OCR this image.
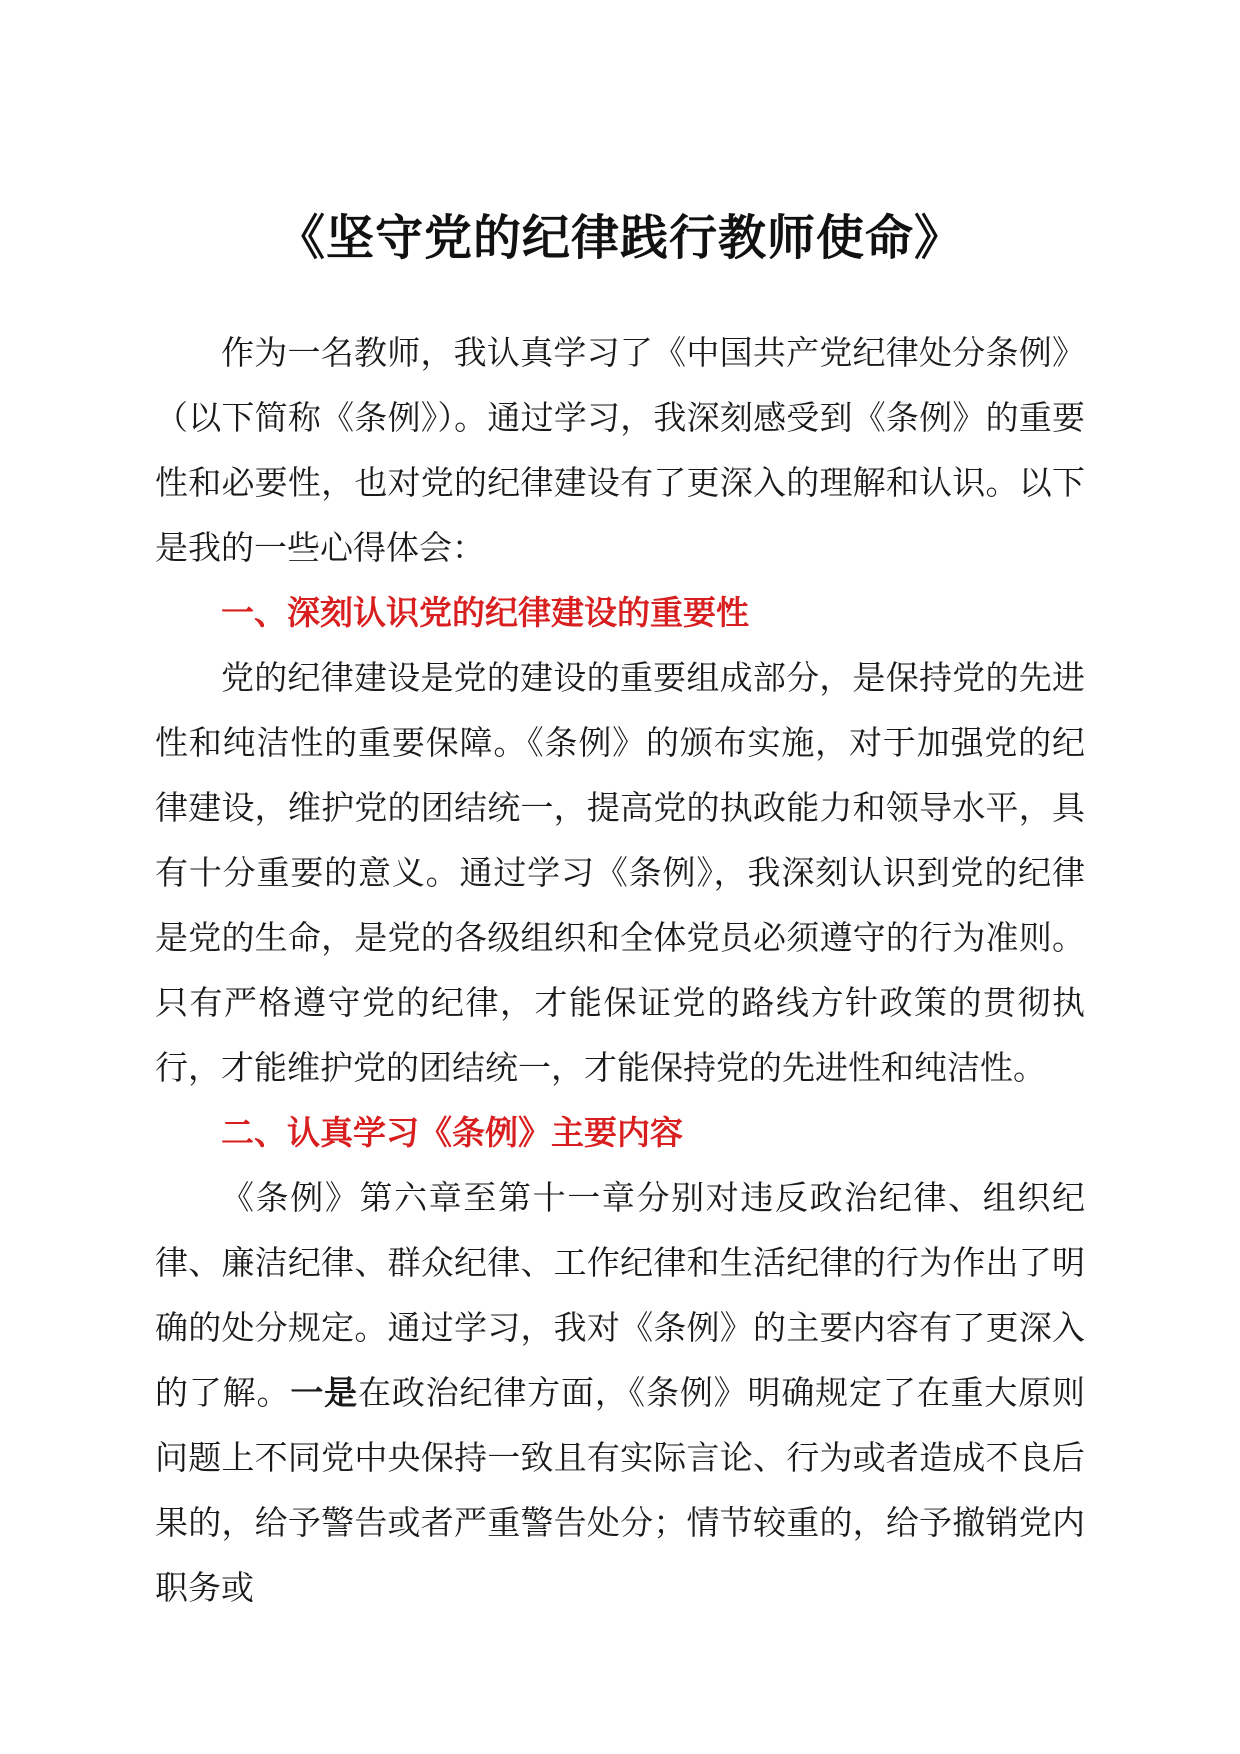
《坚守党的纪律践行教师使命》

作为一名教师，我认真学习了《中国共产党纪律处分条例》（以下简称《条例》）。通过学习，我深刻感受到《条例》的重要性和必要性，也对党的纪律建设有了更深入的理解和认识。以下是我的一些心得体会：

一、深刻认识党的纪律建设的重要性

党的纪律建设是党的建设的重要组成部分，是保持党的先进性和纯洁性的重要保障。《条例》的颁布实施，对于加强党的纪律建设，维护党的团结统一，提高党的执政能力和领导水平，具有十分重要的意义。通过学习《条例》，我深刻认识到党的纪律是党的生命，是党的各级组织和全体党员必须遵守的行为准则。只有严格遵守党的纪律，才能保证党的路线方针政策的贯彻执行，才能维护党的团结统一，才能保持党的先进性和纯洁性。

二、认真学习《条例》主要内容

《条例》第六章至第十一章分别对违反政治纪律、组织纪律、廉洁纪律、群众纪律、工作纪律和生活纪律的行为作出了明确的处分规定。通过学习，我对《条例》的主要内容有了更深入的了解。一是在政治纪律方面，《条例》明确规定了在重大原则问题上不同党中央保持一致且有实际言论、行为或者造成不良后果的，给予警告或者严重警告处分；情节较重的，给予撤销党内职务或
